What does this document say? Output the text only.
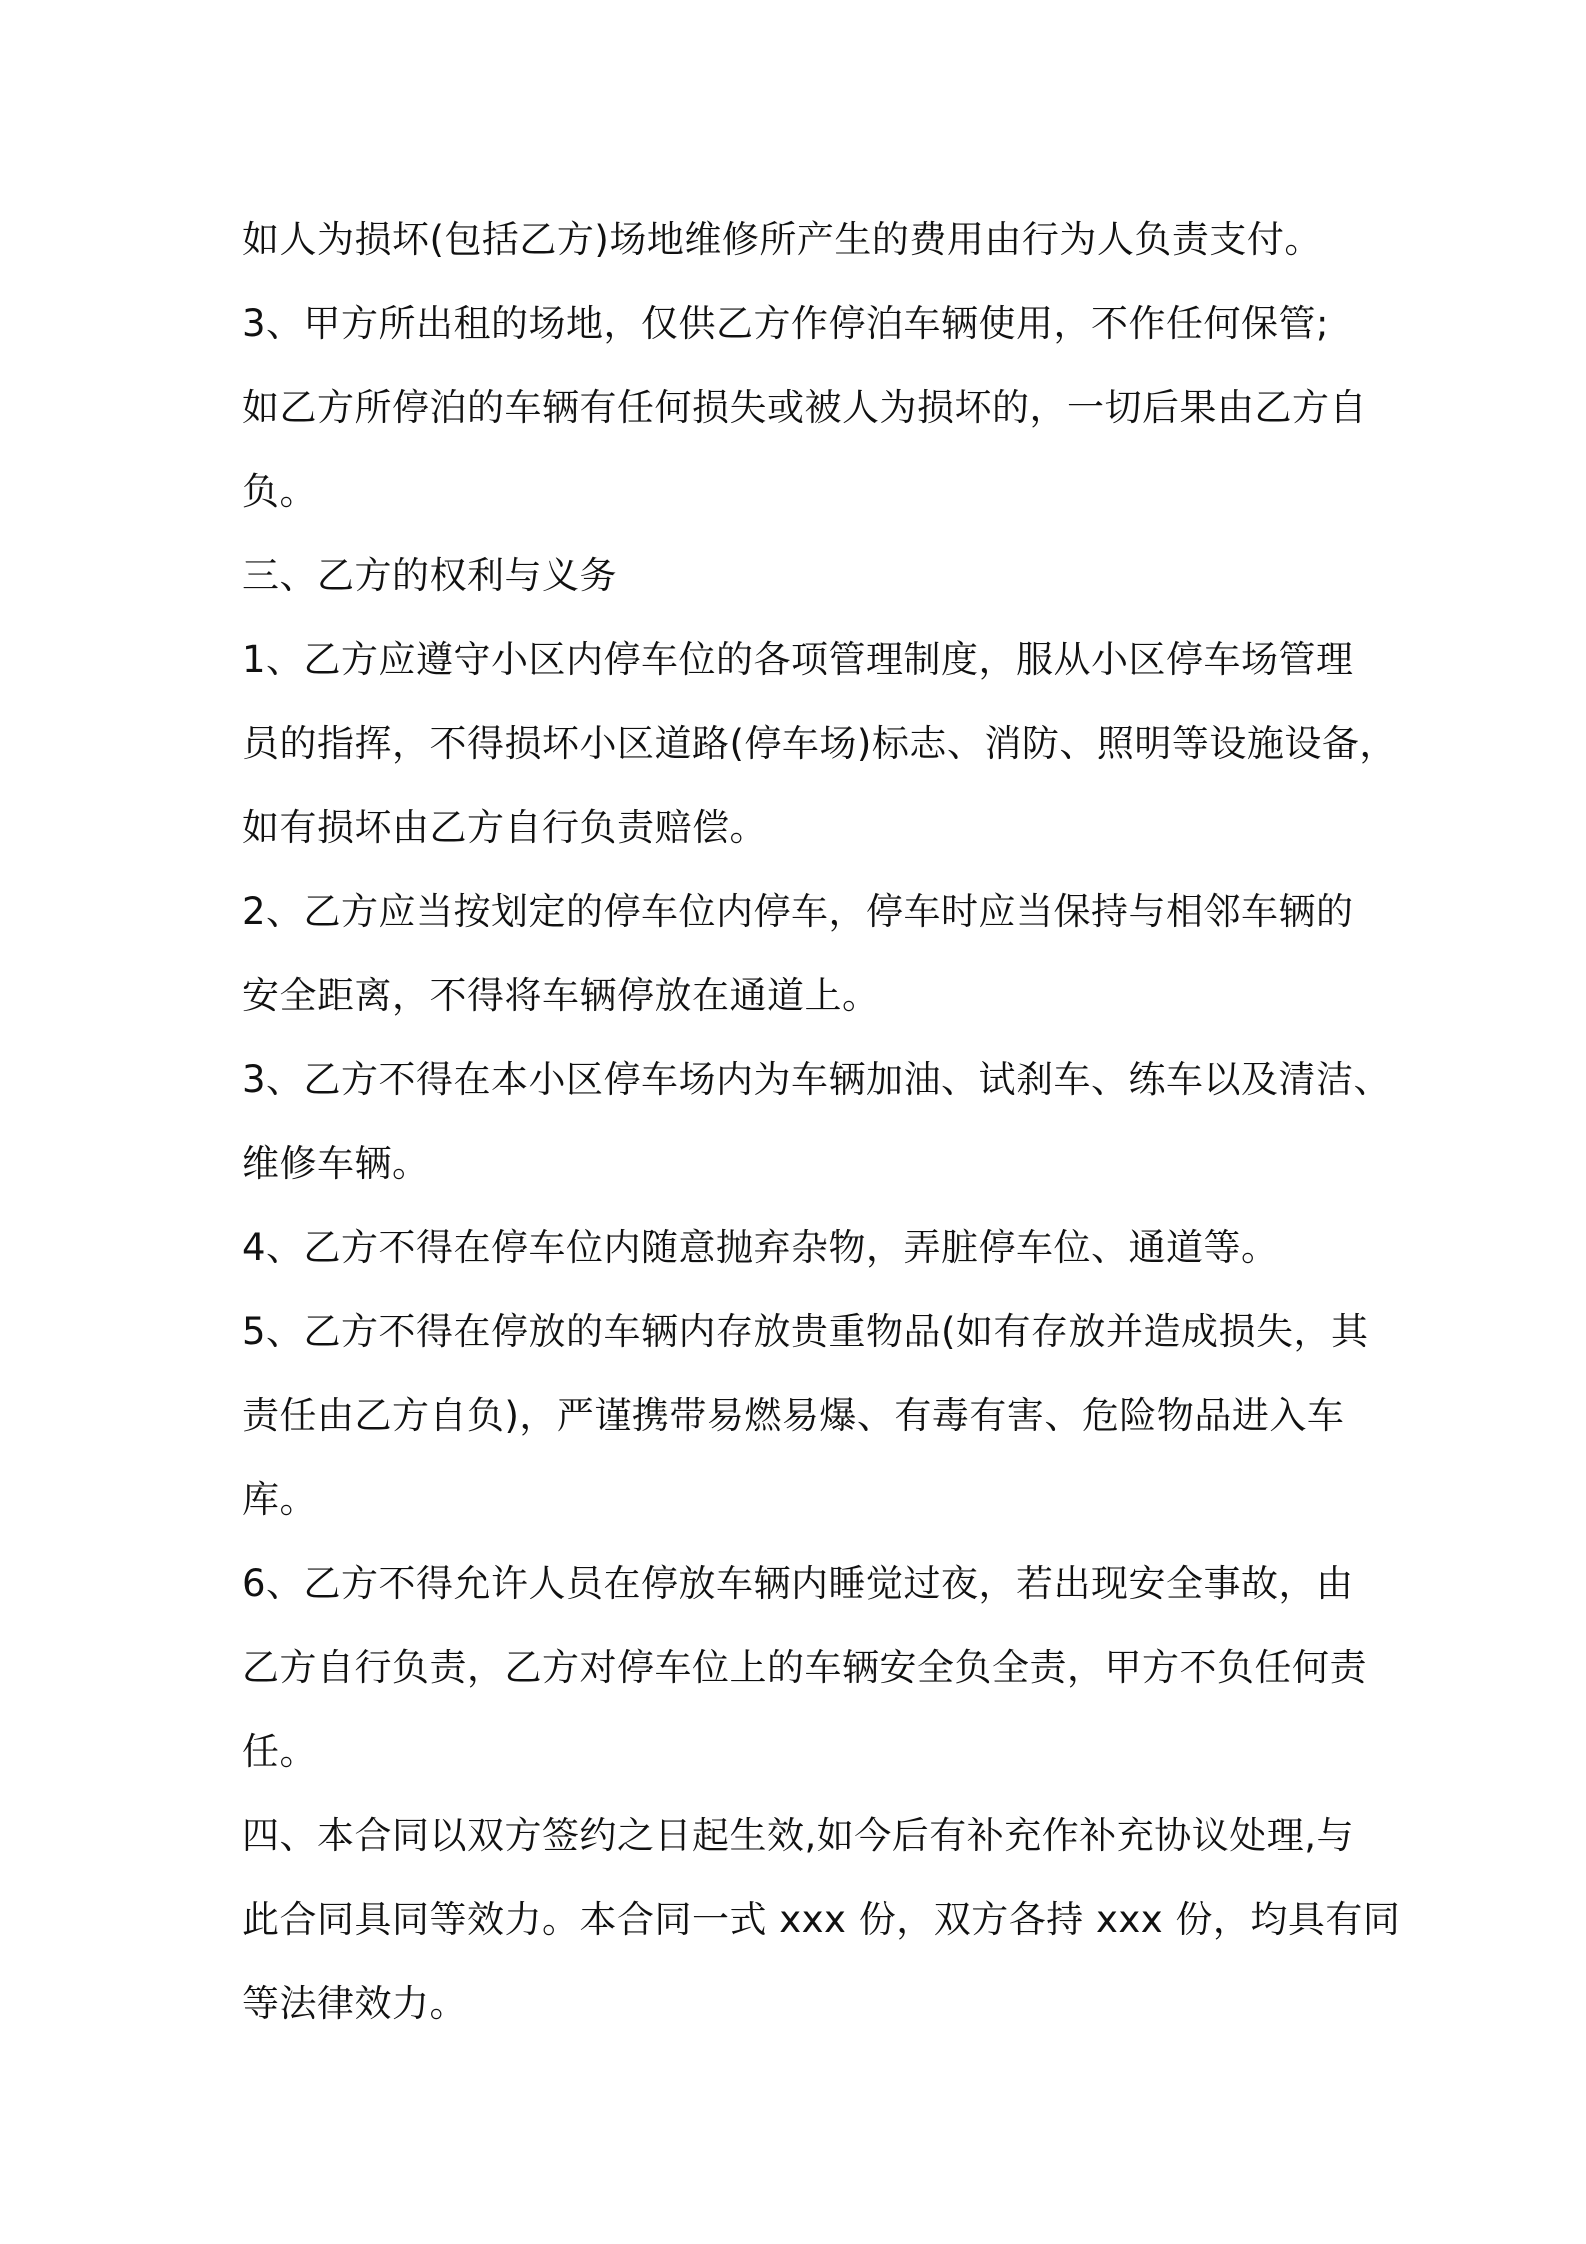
如人为损坏(包括乙方)场地维修所产生的费用由行为人负责支付。
3、甲方所出租的场地，仅供乙方作停泊车辆使用，不作任何保管;
如乙方所停泊的车辆有任何损失或被人为损坏的，一切后果由乙方自
负。
三、乙方的权利与义务
1、乙方应遵守小区内停车位的各项管理制度，服从小区停车场管理
员的指挥，不得损坏小区道路(停车场)标志、消防、照明等设施设备，
如有损坏由乙方自行负责赔偿。
2、乙方应当按划定的停车位内停车，停车时应当保持与相邻车辆的
安全距离，不得将车辆停放在通道上。
3、乙方不得在本小区停车场内为车辆加油、试刹车、练车以及清洁、
维修车辆。
4、乙方不得在停车位内随意抛弃杂物，弄脏停车位、通道等。
5、乙方不得在停放的车辆内存放贵重物品(如有存放并造成损失，其
责任由乙方自负)，严谨携带易燃易爆、有毒有害、危险物品进入车
库。
6、乙方不得允许人员在停放车辆内睡觉过夜，若出现安全事故，由
乙方自行负责，乙方对停车位上的车辆安全负全责，甲方不负任何责
任。
四、本合同以双方签约之日起生效,如今后有补充作补充协议处理,与
此合同具同等效力。本合同一式 xxx 份，双方各持 xxx 份，均具有同
等法律效力。
